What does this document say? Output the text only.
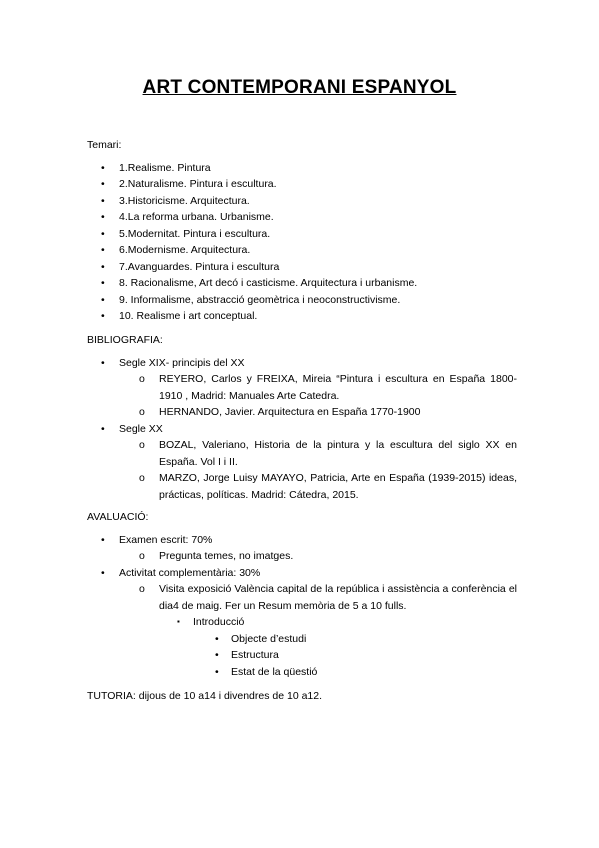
ART CONTEMPORANI ESPANYOL

Temari:

• 1.Realisme. Pintura
• 2.Naturalisme. Pintura i escultura.
• 3.Historicisme. Arquitectura.
• 4.La reforma urbana. Urbanisme.
• 5.Modernitat. Pintura i escultura.
• 6.Modernisme. Arquitectura.
• 7.Avanguardes. Pintura i escultura
• 8. Racionalisme, Art decó i casticisme. Arquitectura i urbanisme.
• 9. Informalisme, abstracció geomètrica i neoconstructivisme.
• 10. Realisme i art conceptual.

BIBLIOGRAFIA:

• Segle XIX- principis del XX
o REYERO, Carlos y FREIXA, Mireia “Pintura i escultura en España 1800-1910 , Madrid: Manuales Arte Catedra.
o HERNANDO, Javier. Arquitectura en España 1770-1900
• Segle XX
o BOZAL, Valeriano, Historia de la pintura y la escultura del siglo XX en España. Vol I i II.
o MARZO, Jorge Luisy MAYAYO, Patricia, Arte en España (1939-2015) ideas, prácticas, políticas. Madrid: Cátedra, 2015.

AVALUACIÓ:

• Examen escrit: 70%
o Pregunta temes, no imatges.
• Activitat complementària: 30%
o Visita exposició València capital de la república i assistència a conferència el dia4 de maig. Fer un Resum memòria de 5 a 10 fulls.
▪ Introducció
• Objecte d’estudi
• Estructura
• Estat de la qüestió

TUTORIA: dijous de 10 a14 i divendres de 10 a12.
